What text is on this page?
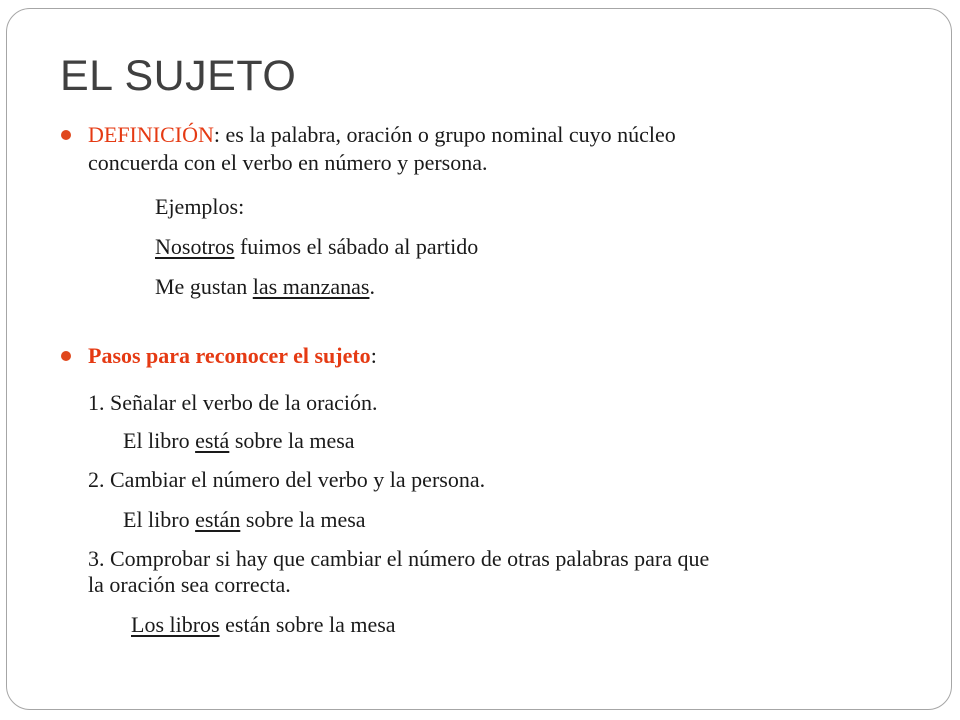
EL SUJETO
DEFINICIÓN: es la palabra, oración o grupo nominal cuyo núcleo
concuerda con el verbo en número y persona.
Ejemplos:
Nosotros fuimos el sábado al partido
Me gustan las manzanas.
Pasos para reconocer el sujeto:
1. Señalar el verbo de la oración.
El libro está sobre la mesa
2. Cambiar el número del verbo y la persona.
El libro están sobre la mesa
3. Comprobar si hay que cambiar el número de otras palabras para que
la oración sea correcta.
Los libros están sobre la mesa
